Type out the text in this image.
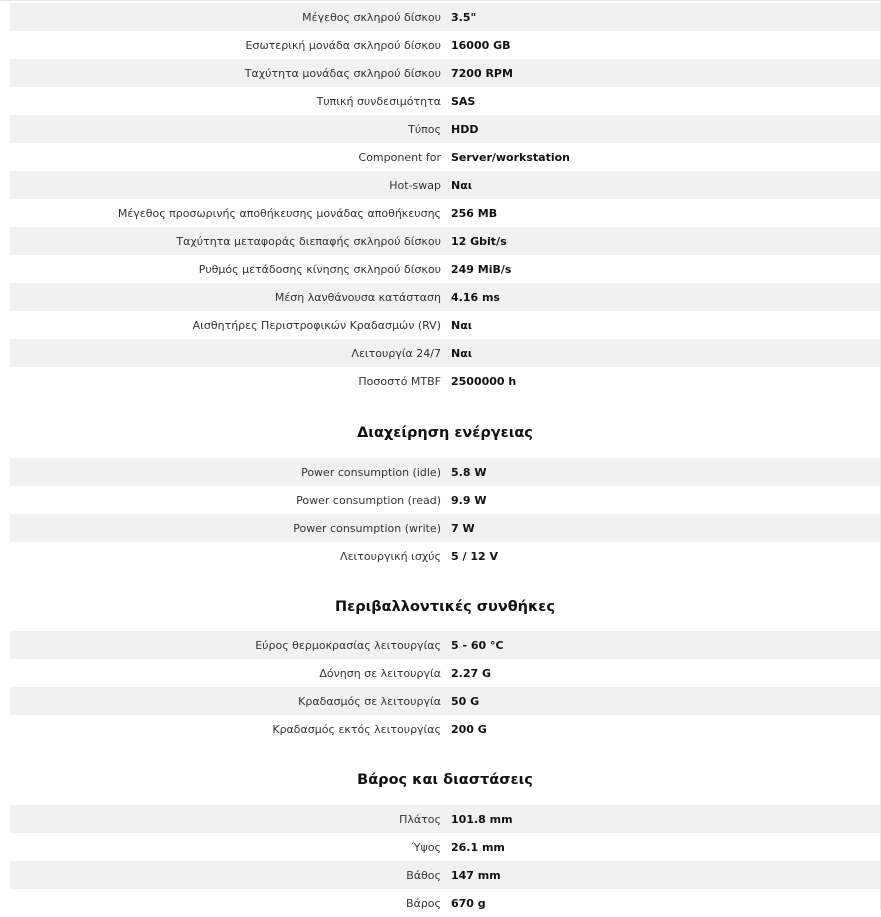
Μέγεθος σκληρού δίσκου 3.5"
Εσωτερική μονάδα σκληρού δίσκου 16000 GB
Ταχύτητα μονάδας σκληρού δίσκου 7200 RPM
Τυπική συνδεσιμότητα SAS
Τύπος HDD
Component for Server/workstation
Hot-swap Ναι
Μέγεθος προσωρινής αποθήκευσης μονάδας αποθήκευσης 256 MB
Ταχύτητα μεταφοράς διεπαφής σκληρού δίσκου 12 Gbit/s
Ρυθμός μετάδοσης κίνησης σκληρού δίσκου 249 MiB/s
Μέση λανθάνουσα κατάσταση 4.16 ms
Αισθητήρες Περιστροφικών Κραδασμών (RV) Ναι
Λειτουργία 24/7 Ναι
Ποσοστό MTBF 2500000 h
Διαχείρηση ενέργειας
Power consumption (idle) 5.8 W
Power consumption (read) 9.9 W
Power consumption (write) 7 W
Λειτουργική ισχύς 5 / 12 V
Περιβαλλοντικές συνθήκες
Εύρος θερμοκρασίας λειτουργίας 5 - 60 °C
Δόνηση σε λειτουργία 2.27 G
Κραδασμός σε λειτουργία 50 G
Κραδασμός εκτός λειτουργίας 200 G
Βάρος και διαστάσεις
Πλάτος 101.8 mm
Ύψος 26.1 mm
Βάθος 147 mm
Βάρος 670 g
